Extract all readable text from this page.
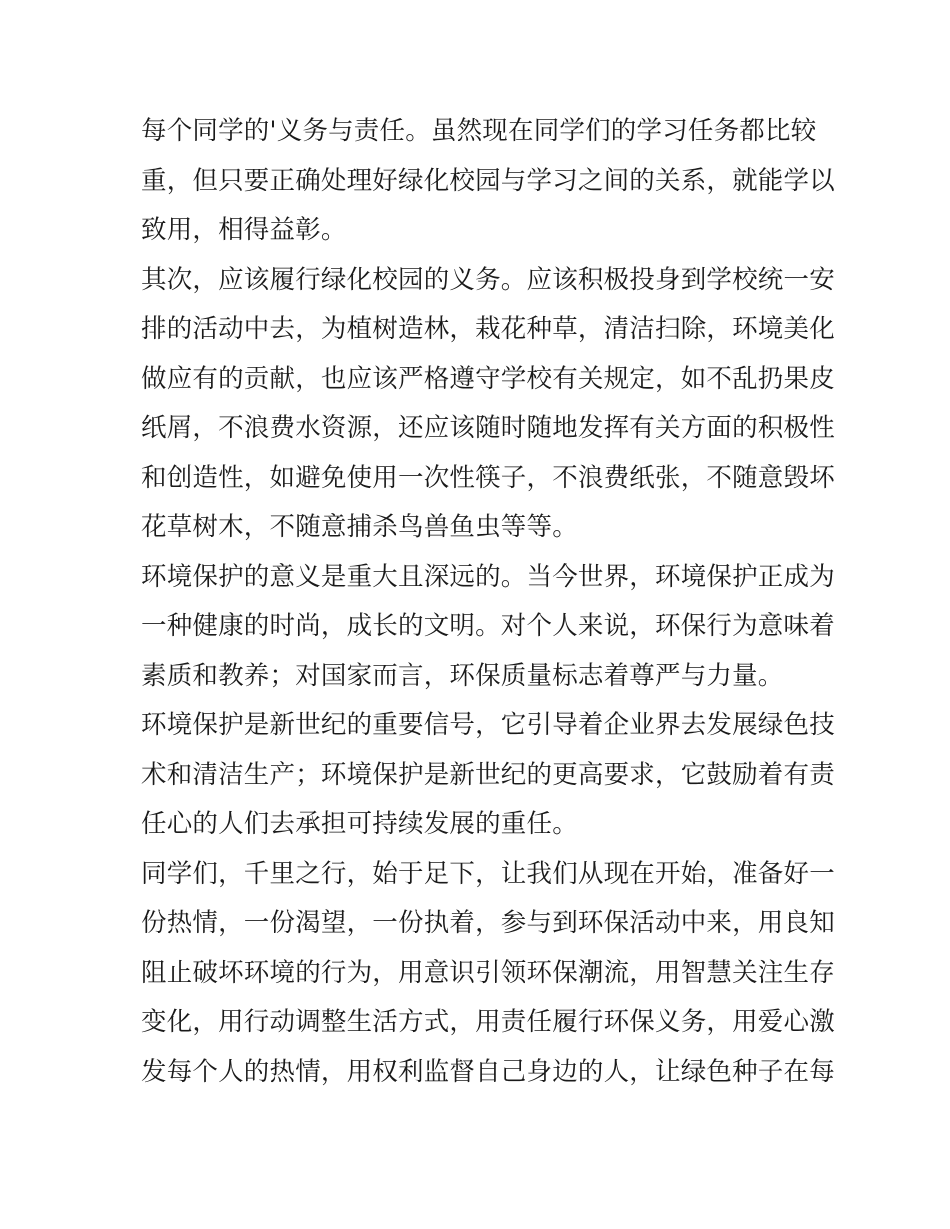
每个同学的'义务与责任。虽然现在同学们的学习任务都比较
重，但只要正确处理好绿化校园与学习之间的关系，就能学以
致用，相得益彰。
其次，应该履行绿化校园的义务。应该积极投身到学校统一安
排的活动中去，为植树造林，栽花种草，清洁扫除，环境美化
做应有的贡献，也应该严格遵守学校有关规定，如不乱扔果皮
纸屑，不浪费水资源，还应该随时随地发挥有关方面的积极性
和创造性，如避免使用一次性筷子，不浪费纸张，不随意毁坏
花草树木，不随意捕杀鸟兽鱼虫等等。
环境保护的意义是重大且深远的。当今世界，环境保护正成为
一种健康的时尚，成长的文明。对个人来说，环保行为意味着
素质和教养；对国家而言，环保质量标志着尊严与力量。
环境保护是新世纪的重要信号，它引导着企业界去发展绿色技
术和清洁生产；环境保护是新世纪的更高要求，它鼓励着有责
任心的人们去承担可持续发展的重任。
同学们，千里之行，始于足下，让我们从现在开始，准备好一
份热情，一份渴望，一份执着，参与到环保活动中来，用良知
阻止破坏环境的行为，用意识引领环保潮流，用智慧关注生存
变化，用行动调整生活方式，用责任履行环保义务，用爱心激
发每个人的热情，用权利监督自己身边的人，让绿色种子在每
